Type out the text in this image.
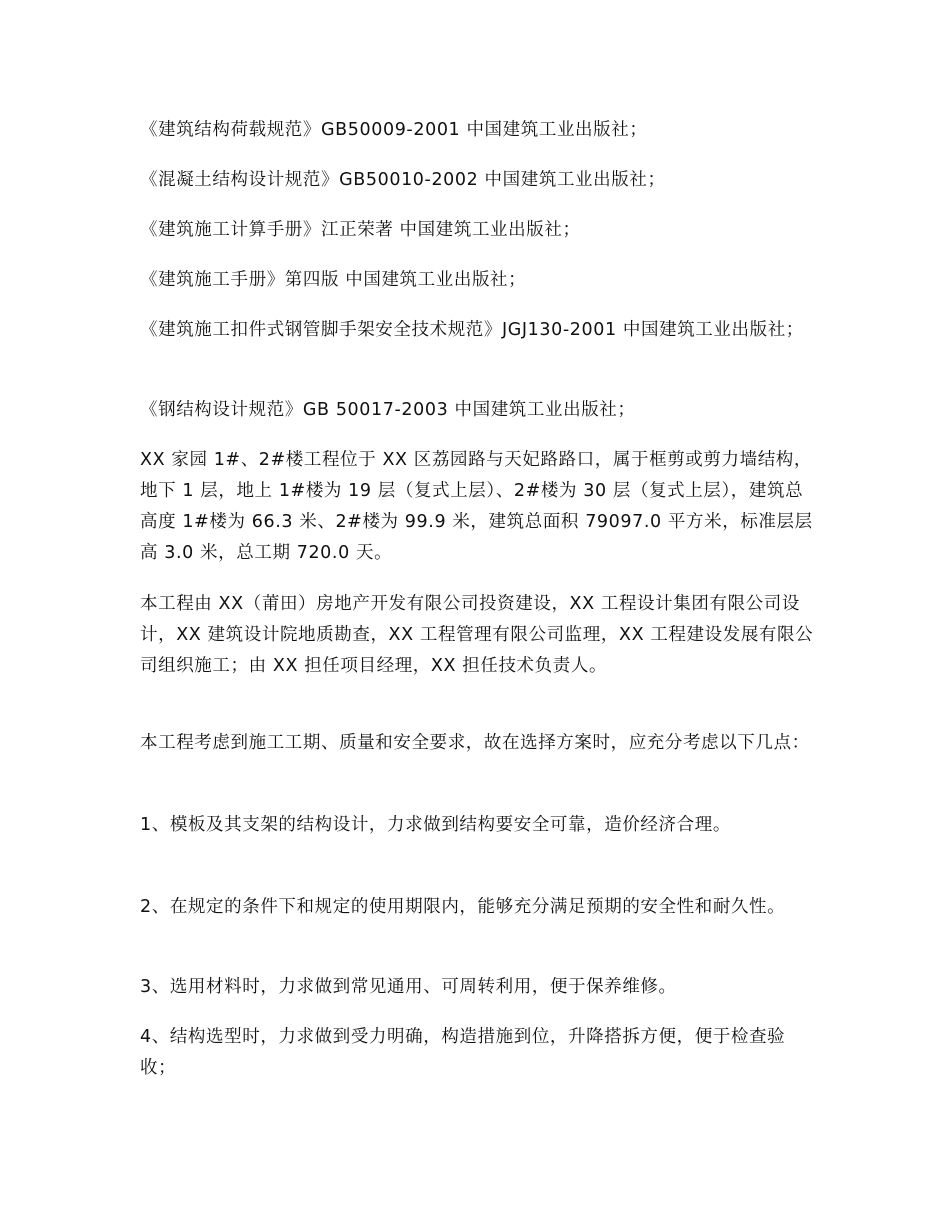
《建筑结构荷载规范》GB50009-2001 中国建筑工业出版社；

《混凝土结构设计规范》GB50010-2002 中国建筑工业出版社；

《建筑施工计算手册》江正荣著 中国建筑工业出版社；

《建筑施工手册》第四版 中国建筑工业出版社；

《建筑施工扣件式钢管脚手架安全技术规范》JGJ130-2001 中国建筑工业出版社；

《钢结构设计规范》GB 50017-2003 中国建筑工业出版社；

XX 家园 1#、2#楼工程位于 XX 区荔园路与天妃路路口，属于框剪或剪力墙结构，地下 1 层，地上 1#楼为 19 层（复式上层）、2#楼为 30 层（复式上层），建筑总高度 1#楼为 66.3 米、2#楼为 99.9 米，建筑总面积 79097.0 平方米，标准层层高 3.0 米，总工期 720.0 天。

本工程由 XX（莆田）房地产开发有限公司投资建设，XX 工程设计集团有限公司设计，XX 建筑设计院地质勘查，XX 工程管理有限公司监理，XX 工程建设发展有限公司组织施工；由 XX 担任项目经理，XX 担任技术负责人。

本工程考虑到施工工期、质量和安全要求，故在选择方案时，应充分考虑以下几点：

1、模板及其支架的结构设计，力求做到结构要安全可靠，造价经济合理。

2、在规定的条件下和规定的使用期限内，能够充分满足预期的安全性和耐久性。

3、选用材料时，力求做到常见通用、可周转利用，便于保养维修。

4、结构选型时，力求做到受力明确，构造措施到位，升降搭拆方便，便于检查验收；
